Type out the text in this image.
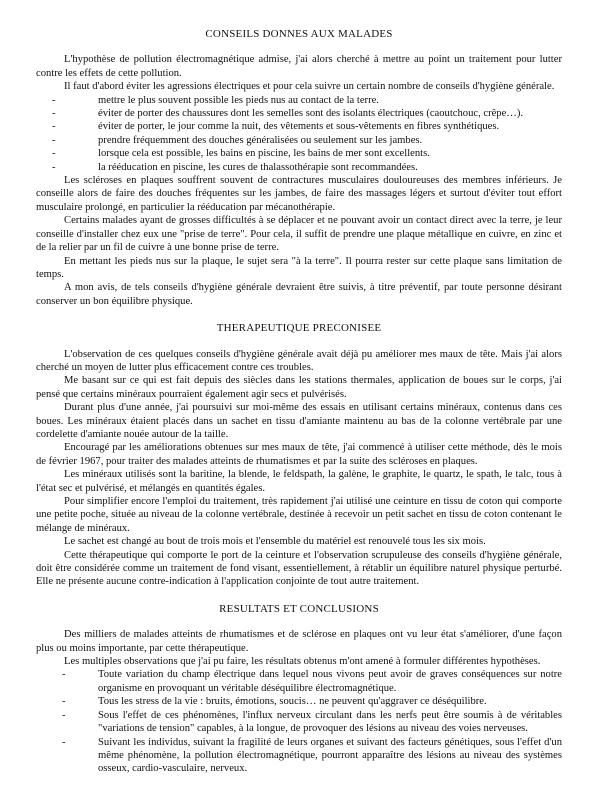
CONSEILS DONNES AUX MALADES

L'hypothèse de pollution électromagnétique admise, j'ai alors cherché à mettre au point un traitement pour lutter contre les effets de cette pollution.

Il faut d'abord éviter les agressions électriques et pour cela suivre un certain nombre de conseils d'hygiène générale.

-	mettre le plus souvent possible les pieds nus au contact de la terre.
-	éviter de porter des chaussures dont les semelles sont des isolants électriques (caoutchouc, crêpe…).
-	éviter de porter, le jour comme la nuit, des vêtements et sous-vêtements en fibres synthétiques.
-	prendre fréquemment des douches généralisées ou seulement sur les jambes.
-	lorsque cela est possible, les bains en piscine, les bains de mer sont excellents.
-	la rééducation en piscine, les cures de thalassothérapie sont recommandées.

Les scléroses en plaques souffrent souvent de contractures musculaires douloureuses des membres inférieurs. Je conseille alors de faire des douches fréquentes sur les jambes, de faire des massages légers et surtout d'éviter tout effort musculaire prolongé, en particulier la rééducation par mécanothérapie.

Certains malades ayant de grosses difficultés à se déplacer et ne pouvant avoir un contact direct avec la terre, je leur conseille d'installer chez eux une "prise de terre". Pour cela, il suffit de prendre une plaque métallique en cuivre, en zinc et de la relier par un fil de cuivre à une bonne prise de terre.

En mettant les pieds nus sur la plaque, le sujet sera "à la terre". Il pourra rester sur cette plaque sans limitation de temps.

A mon avis, de tels conseils d'hygiène générale devraient être suivis, à titre préventif, par toute personne désirant conserver un bon équilibre physique.

THERAPEUTIQUE PRECONISEE

L'observation de ces quelques conseils d'hygiène générale avait déjà pu améliorer mes maux de tête. Mais j'ai alors cherché un moyen de lutter plus efficacement contre ces troubles.

Me basant sur ce qui est fait depuis des siècles dans les stations thermales, application de boues sur le corps, j'ai pensé que certains minéraux pourraient également agir secs et pulvérisés.

Durant plus d'une année, j'ai poursuivi sur moi-même des essais en utilisant certains minéraux, contenus dans ces boues. Les minéraux étaient placés dans un sachet en tissu d'amiante maintenu au bas de la colonne vertébrale par une cordelette d'amiante nouée autour de la taille.

Encouragé par les améliorations obtenues sur mes maux de tête, j'ai commencé à utiliser cette méthode, dès le mois de février 1967, pour traiter des malades atteints de rhumatismes et par la suite des scléroses en plaques.

Les minéraux utilisés sont la baritine, la blende, le feldspath, la galène, le graphite, le quartz, le spath, le talc, tous à l'état sec et pulvérisé, et mélangés en quantités égales.

Pour simplifier encore l'emploi du traitement, très rapidement j'ai utilisé une ceinture en tissu de coton qui comporte une petite poche, située au niveau de la colonne vertébrale, destinée à recevoir un petit sachet en tissu de coton contenant le mélange de minéraux.

Le sachet est changé au bout de trois mois et l'ensemble du matériel est renouvelé tous les six mois.

Cette thérapeutique qui comporte le port de la ceinture et l'observation scrupuleuse des conseils d'hygiène générale, doit être considérée comme un traitement de fond visant, essentiellement, à rétablir un équilibre naturel physique perturbé. Elle ne présente aucune contre-indication à l'application conjointe de tout autre traitement.

RESULTATS ET CONCLUSIONS

Des milliers de malades atteints de rhumatismes et de sclérose en plaques ont vu leur état s'améliorer, d'une façon plus ou moins importante, par cette thérapeutique.

Les multiples observations que j'ai pu faire, les résultats obtenus m'ont amené à formuler différentes hypothèses.

-	Toute variation du champ électrique dans lequel nous vivons peut avoir de graves conséquences sur notre organisme en provoquant un véritable déséquilibre électromagnétique.
-	Tous les stress de la vie : bruits, émotions, soucis… ne peuvent qu'aggraver ce déséquilibre.
-	Sous l'effet de ces phénomènes, l'influx nerveux circulant dans les nerfs peut être soumis à de véritables "variations de tension" capables, à la longue, de provoquer des lésions au niveau des voies nerveuses.
-	Suivant les individus, suivant la fragilité de leurs organes et suivant des facteurs génétiques, sous l'effet d'un même phénomène, la pollution électromagnétique, pourront apparaître des lésions au niveau des systèmes osseux, cardio-vasculaire, nerveux.
